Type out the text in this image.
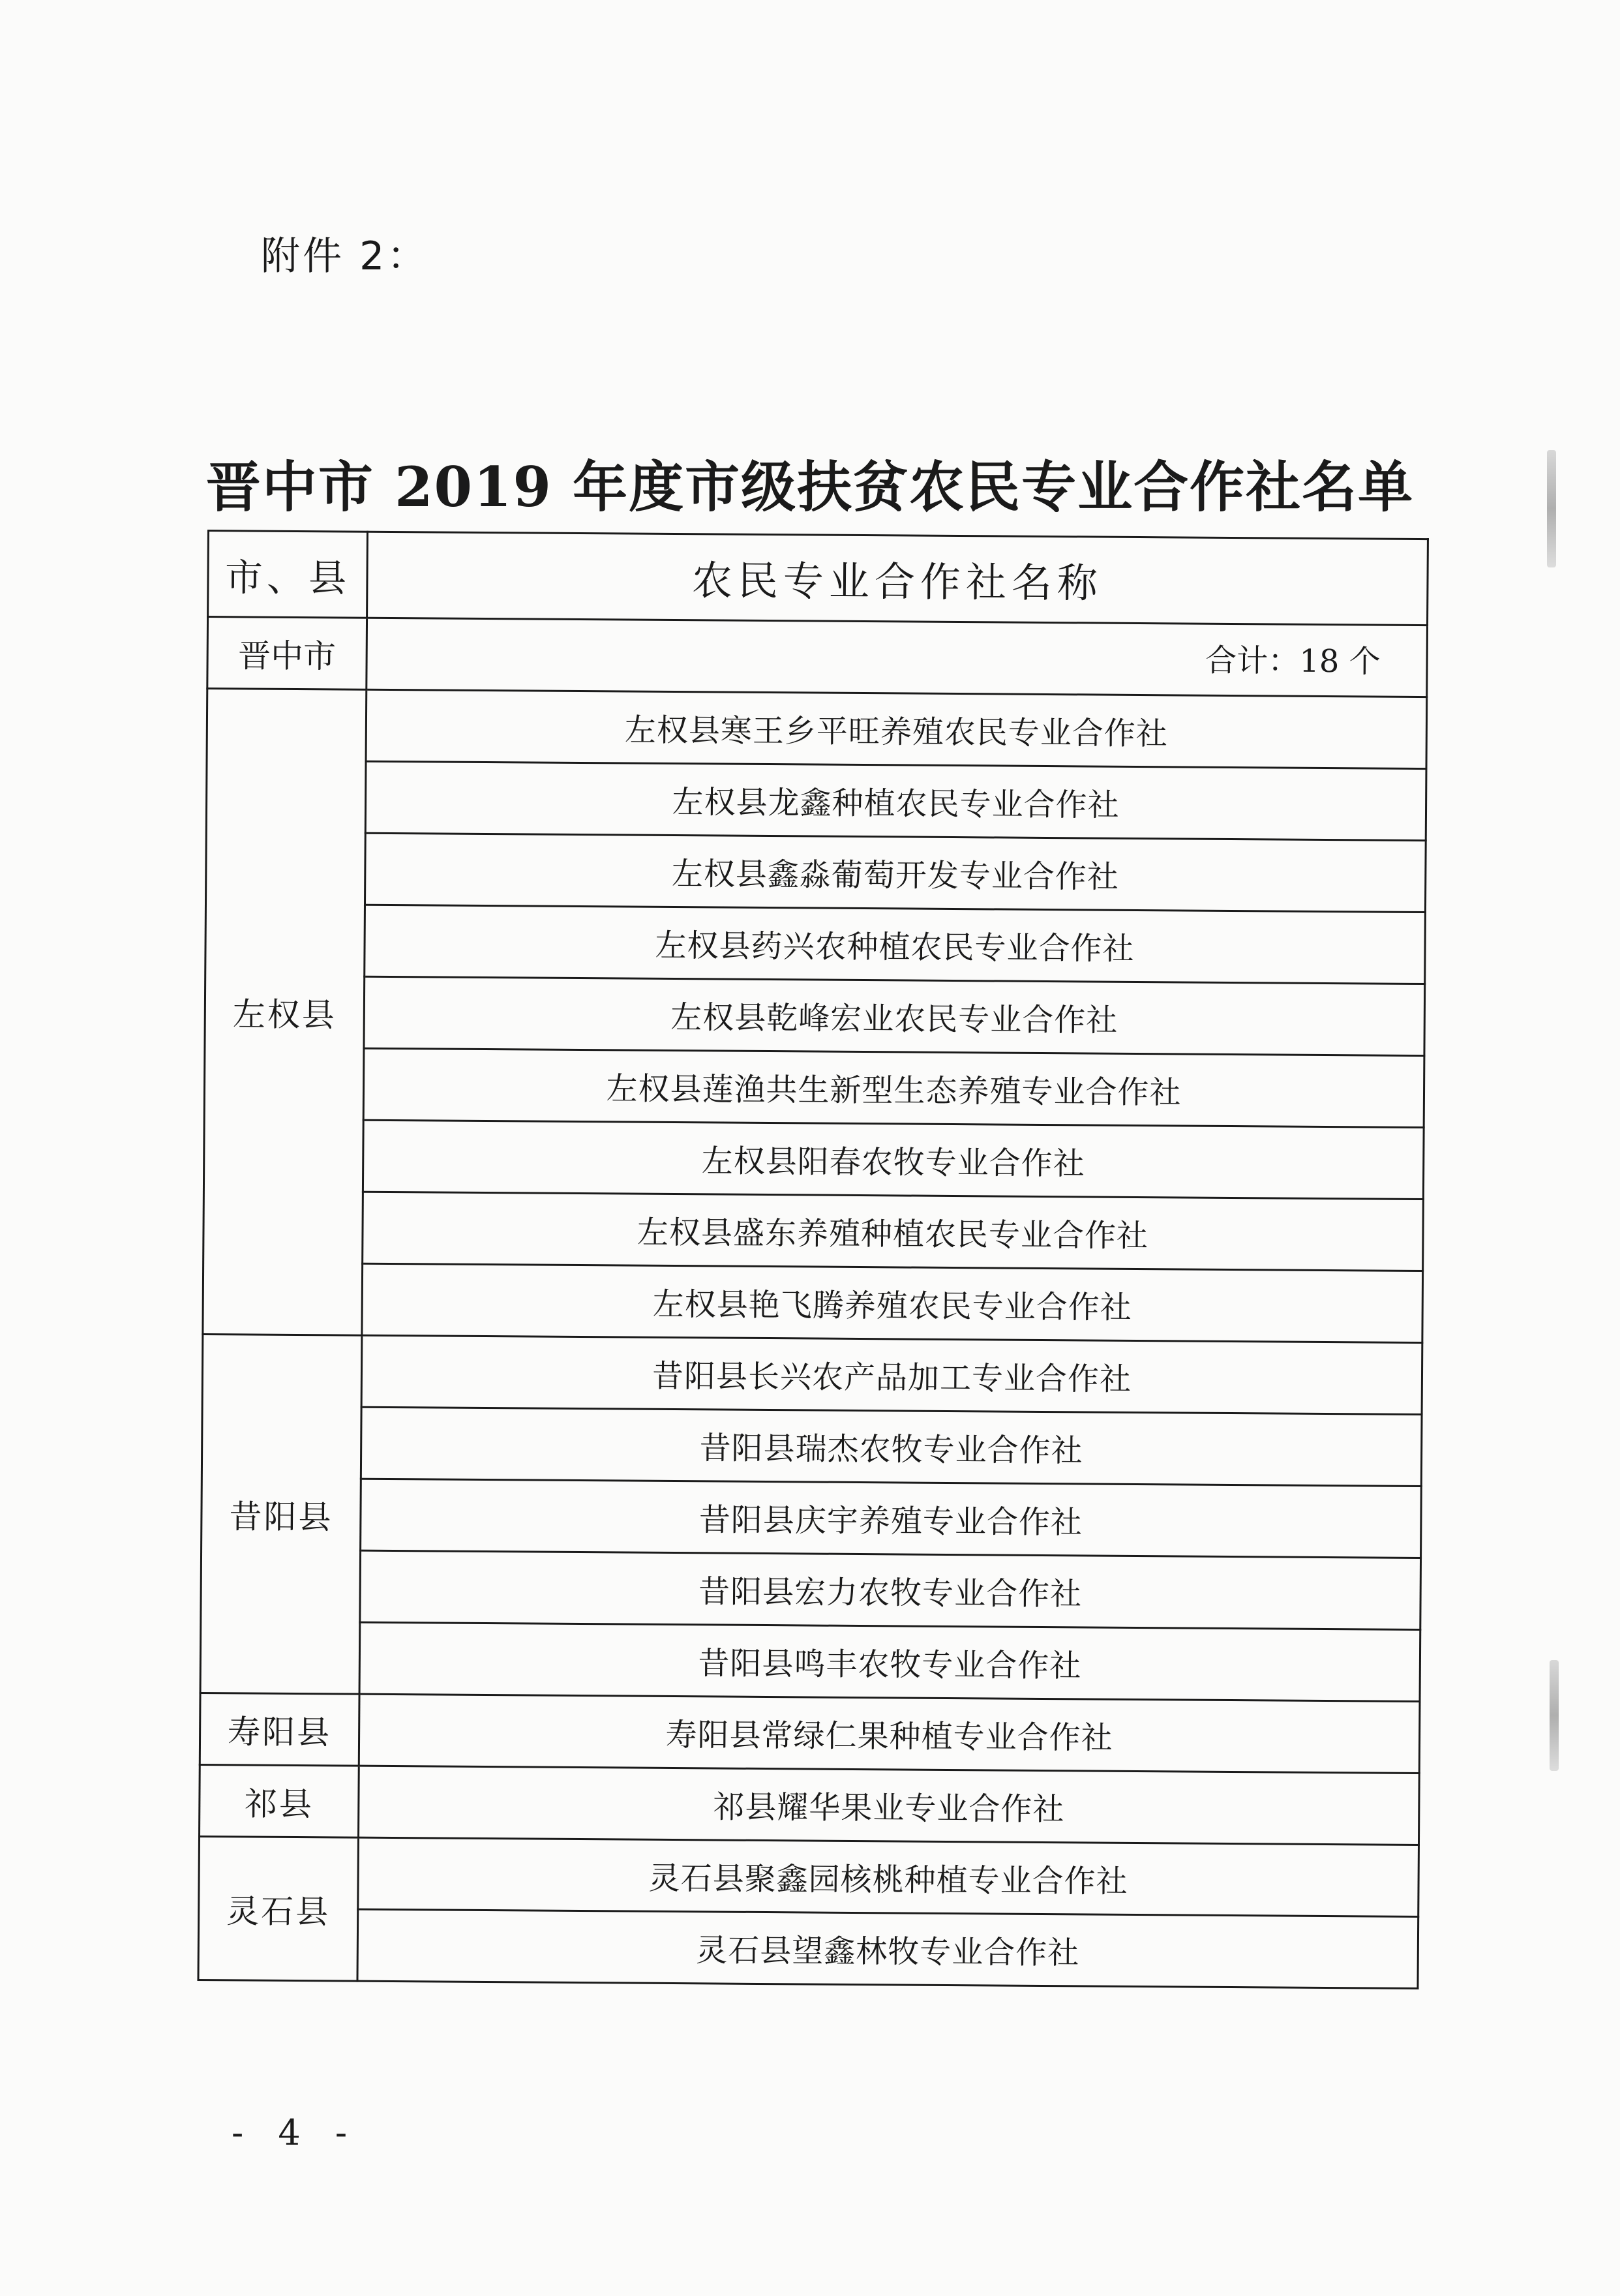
附件 2：
晋中市 2019 年度市级扶贫农民专业合作社名单
市、县	农民专业合作社名称
晋中市	合计：18 个
左权县	左权县寒王乡平旺养殖农民专业合作社
	左权县龙鑫种植农民专业合作社
	左权县鑫淼葡萄开发专业合作社
	左权县药兴农种植农民专业合作社
	左权县乾峰宏业农民专业合作社
	左权县莲渔共生新型生态养殖专业合作社
	左权县阳春农牧专业合作社
	左权县盛东养殖种植农民专业合作社
	左权县艳飞腾养殖农民专业合作社
昔阳县	昔阳县长兴农产品加工专业合作社
	昔阳县瑞杰农牧专业合作社
	昔阳县庆宇养殖专业合作社
	昔阳县宏力农牧专业合作社
	昔阳县鸣丰农牧专业合作社
寿阳县	寿阳县常绿仁果种植专业合作社
祁县	祁县耀华果业专业合作社
灵石县	灵石县聚鑫园核桃种植专业合作社
	灵石县望鑫林牧专业合作社
- 4 -
